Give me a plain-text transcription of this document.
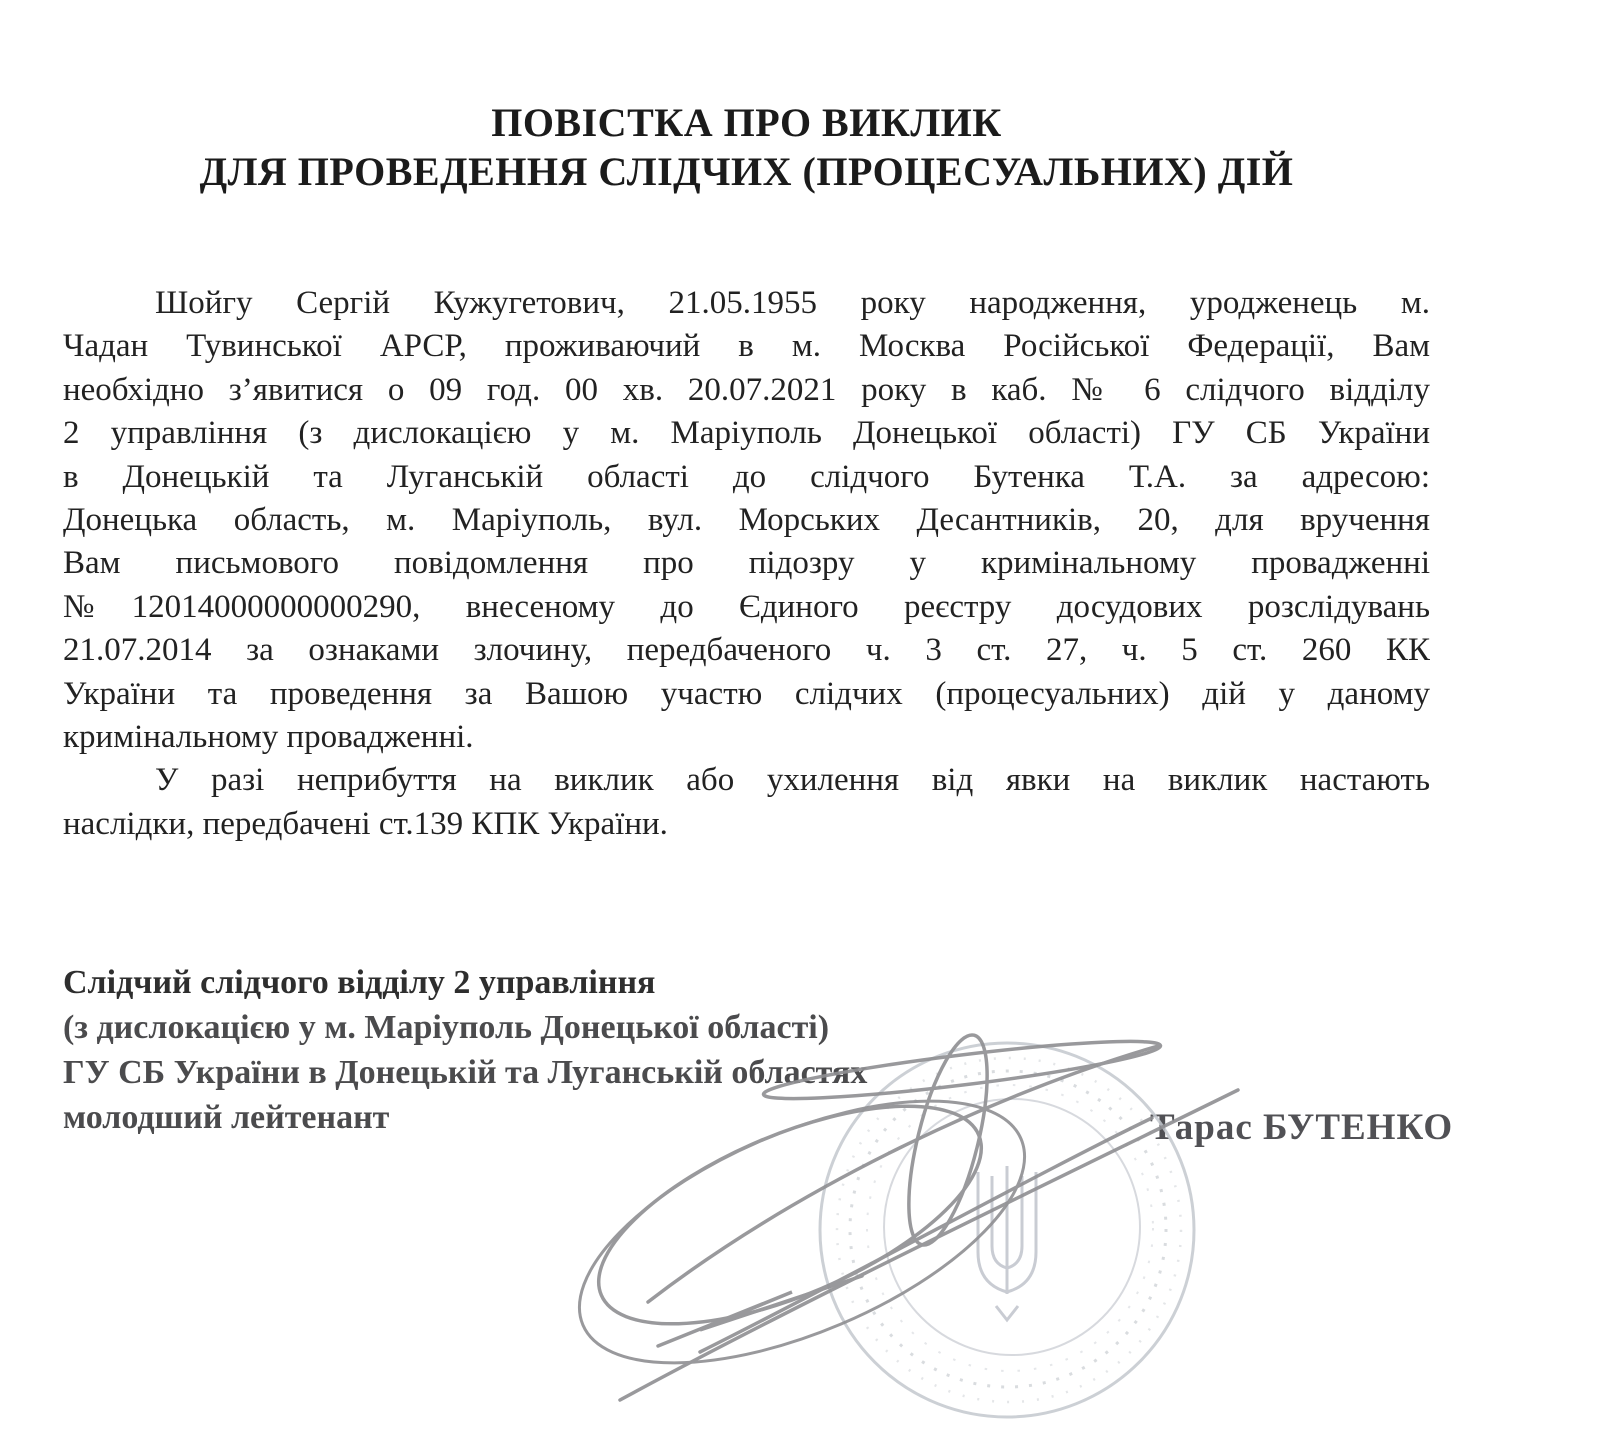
ПОВІСТКА ПРО ВИКЛИК
ДЛЯ ПРОВЕДЕННЯ СЛІДЧИХ (ПРОЦЕСУАЛЬНИХ) ДІЙ
Шойгу Сергій Кужугетович, 21.05.1955 року народження, уродженець м.
Чадан Тувинської АРСР, проживаючий в м. Москва Російської Федерації, Вам
необхідно з’явитися о 09 год. 00 хв. 20.07.2021 року в каб. № 6 слідчого відділу
2 управління (з дислокацією у м. Маріуполь Донецької області) ГУ СБ України
в Донецькій та Луганській області до слідчого Бутенка Т.А. за адресою:
Донецька область, м. Маріуполь, вул. Морських Десантників, 20, для вручення
Вам письмового повідомлення про підозру у кримінальному провадженні
№12014000000000290, внесеному до Єдиного реєстру досудових розслідувань
21.07.2014 за ознаками злочину, передбаченого ч. 3 ст. 27, ч. 5 ст. 260 КК
України та проведення за Вашою участю слідчих (процесуальних) дій у даному
кримінальному провадженні.
У разі неприбуття на виклик або ухилення від явки на виклик настають
наслідки, передбачені ст.139 КПК України.
Слідчий слідчого відділу 2 управління
(з дислокацією у м. Маріуполь Донецької області)
ГУ СБ України в Донецькій та Луганській областях
молодший лейтенант	Тарас БУТЕНКО
